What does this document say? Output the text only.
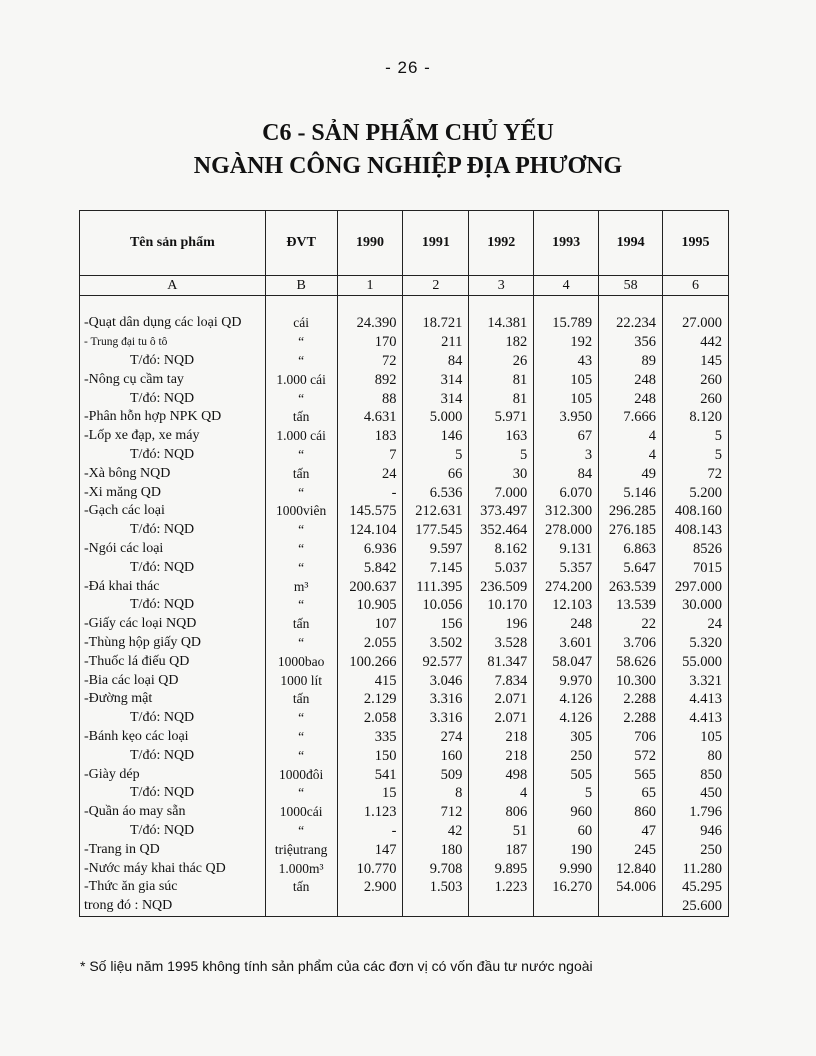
- 26 -
C6 - SẢN PHẨM CHỦ YẾU
NGÀNH CÔNG NGHIỆP ĐỊA PHƯƠNG
Tên sản phẩm	ĐVT	1990	1991	1992	1993	1994	1995
A	B	1	2	3	4	58	6

-Quạt dân dụng các loại QD	cái	24.390	18.721	14.381	15.789	22.234	27.000
- Trung đại tu ô tô	“	170	211	182	192	356	442
T/đó: NQD	“	72	84	26	43	89	145
-Nông cụ cầm tay	1.000 cái	892	314	81	105	248	260
T/đó: NQD	“	88	314	81	105	248	260
-Phân hỗn hợp NPK QD	tấn	4.631	5.000	5.971	3.950	7.666	8.120
-Lốp xe đạp, xe máy	1.000 cái	183	146	163	67	4	5
T/đó: NQD	“	7	5	5	3	4	5
-Xà bông NQD	tấn	24	66	30	84	49	72
-Xi măng QD	“	-	6.536	7.000	6.070	5.146	5.200
-Gạch các loại	1000viên	145.575	212.631	373.497	312.300	296.285	408.160
T/đó: NQD	“	124.104	177.545	352.464	278.000	276.185	408.143
-Ngói các loại	“	6.936	9.597	8.162	9.131	6.863	8526
T/đó: NQD	“	5.842	7.145	5.037	5.357	5.647	7015
-Đá khai thác	m³	200.637	111.395	236.509	274.200	263.539	297.000
T/đó: NQD	“	10.905	10.056	10.170	12.103	13.539	30.000
-Giấy các loại NQD	tấn	107	156	196	248	22	24
-Thùng hộp giấy QD	“	2.055	3.502	3.528	3.601	3.706	5.320
-Thuốc lá điếu QD	1000bao	100.266	92.577	81.347	58.047	58.626	55.000
-Bia các loại QD	1000 lít	415	3.046	7.834	9.970	10.300	3.321
-Đường mật	tấn	2.129	3.316	2.071	4.126	2.288	4.413
T/đó: NQD	“	2.058	3.316	2.071	4.126	2.288	4.413
-Bánh kẹo các loại	“	335	274	218	305	706	105
T/đó: NQD	“	150	160	218	250	572	80
-Giày dép	1000đôi	541	509	498	505	565	850
T/đó: NQD	“	15	8	4	5	65	450
-Quần áo may sẵn	1000cái	1.123	712	806	960	860	1.796
T/đó: NQD	“	-	42	51	60	47	946
-Trang in QD	triệutrang	147	180	187	190	245	250
-Nước máy khai thác QD	1.000m³	10.770	9.708	9.895	9.990	12.840	11.280
-Thức ăn gia súc	tấn	2.900	1.503	1.223	16.270	54.006	45.295
trong đó : NQD							25.600
* Số liệu năm 1995 không tính sản phẩm của các đơn vị có vốn đầu tư nước ngoài
